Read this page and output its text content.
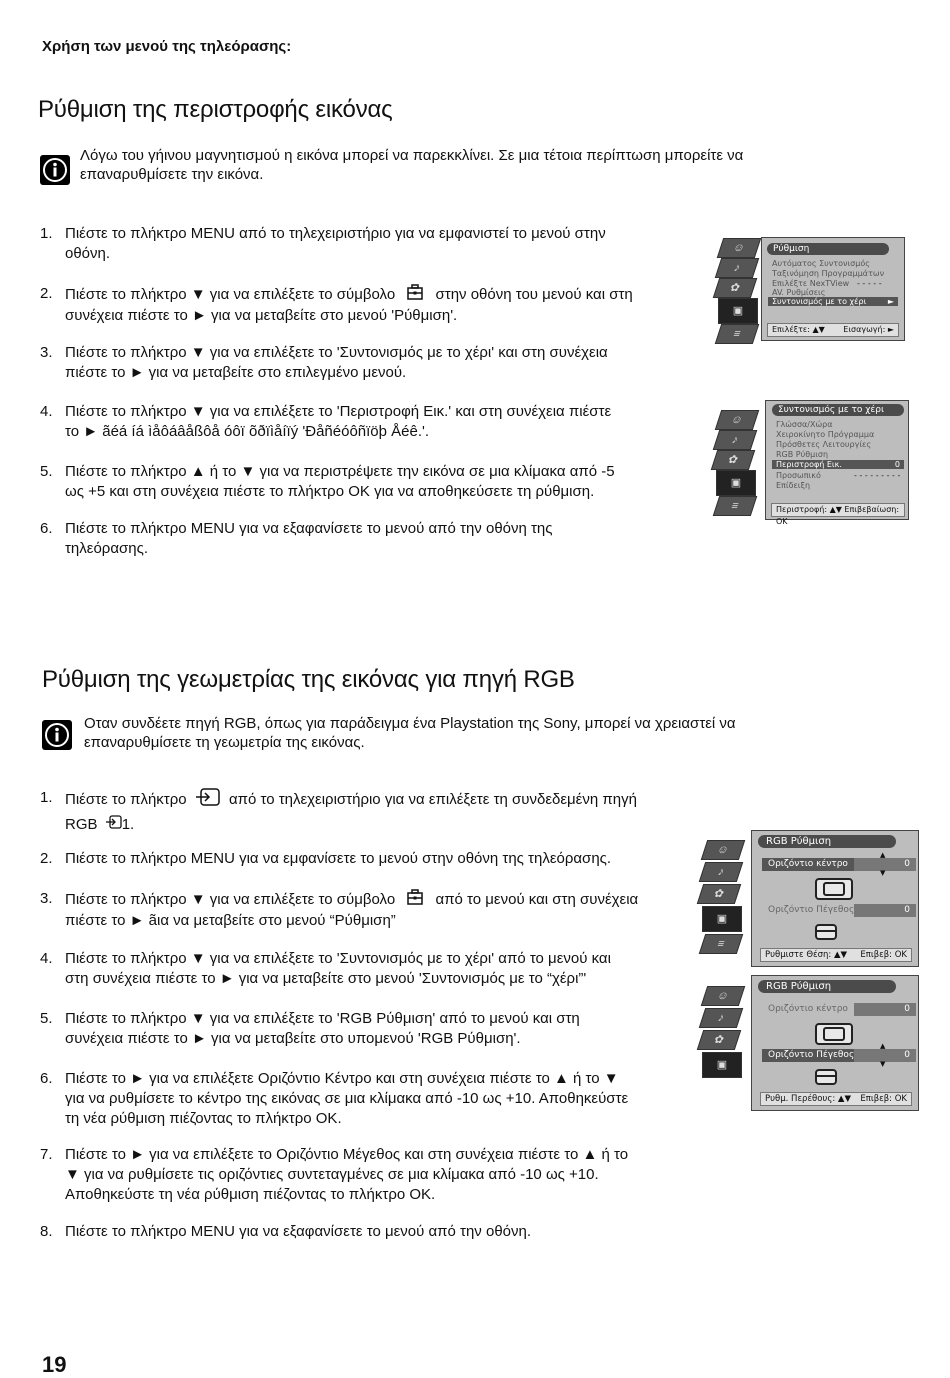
Χρήση των μενού της τηλεόρασης:
Ρύθμιση της περιστροφής εικόνας
Λόγω του γήινου μαγνητισμού η εικόνα μπορεί να παρεκκλίνει. Σε μια τέτοια περίπτωση μπορείτε να
επαναρυθμίσετε την εικόνα.
1. Πιέστε το πλήκτρο MENU από το τηλεχειριστήριο για να εμφανιστεί το μενού στην
οθόνη.
2. Πιέστε το πλήκτρο ▼ για να επιλέξετε το σύμβολο	στην οθόνη του μενού και στη
συνέχεια πιέστε το ► για να μεταβείτε στο μενού 'Ρύθμιση'.
3. Πιέστε το πλήκτρο ▼ για να επιλέξετε το 'Συντονισμός με το χέρι' και στη συνέχεια
πιέστε το ► για να μεταβείτε στο επιλεγμένο μενού.
4. Πιέστε το πλήκτρο ▼ για να επιλέξετε το 'Περιστροφή Εικ.' και στη συνέχεια πιέστε
το ► ãéá íá ìåôáâåßôå óôï õðïìåíïý 'Ðåñéóôñïöþ Åéê.'.
5. Πιέστε το πλήκτρο ▲ ή το ▼ για να περιστρέψετε την εικόνα σε μια κλίμακα από -5
ως +5 και στη συνέχεια πιέστε το πλήκτρο OK για να αποθηκεύσετε τη ρύθμιση.
6. Πιέστε το πλήκτρο MENU για να εξαφανίσετε το μενού από την οθόνη της
τηλεόρασης.
☺
♪
✿
▣
≡
Ρύθμιση
Αυτόματος Συντονισμός
Ταξινόμηση Προγραμμάτων
Επιλέξτε NexTView - - - - -
AV. Ρυθμίσεις
Συντονισμός με το χέρι	►
Επιλέξτε: ▲▼ Εισαγωγή: ►
☺
♪
✿
▣
≡
Συντονισμός με το χέρι
Γλώσσα/Χώρα
Χειροκίνητο Πρόγραμμα
Πρόσθετες Λειτουργίες
RGB Ρύθμιση
Περιστροφή Εικ.	0
Προσωπικό	- - - - - - - - -
Επίδειξη
Περιστροφή: ▲▼ Επιβεβαίωση: OK
Ρύθμιση της γεωμετρίας της εικόνας για πηγή RGB
Οταν συνδέετε πηγή RGB, όπως για παράδειγμα ένα Playstation της Sony, μπορεί να χρειαστεί να
επαναρυθμίσετε τη γεωμετρία της εικόνας.
1. Πιέστε το πλήκτρο	από το τηλεχειριστήριο για να επιλέξετε τη συνδεδεμένη πηγή
RGB 1.
2. Πιέστε το πλήκτρο MENU για να εμφανίσετε το μενού στην οθόνη της τηλεόρασης.
3. Πιέστε το πλήκτρο ▼ για να επιλέξετε το σύμβολο	από το μενού και στη συνέχεια
πιέστε το ► ãια να μεταβείτε στο μενού “Ρύθμιση”
4. Πιέστε το πλήκτρο ▼ για να επιλέξετε το 'Συντονισμός με το χέρι' από το μενού και
στη συνέχεια πιέστε το ► για να μεταβείτε στο μενού 'Συντονισμός με το “χέρι”'
5. Πιέστε το πλήκτρο ▼ για να επιλέξετε το 'RGB Ρύθμιση' από το μενού και στη
συνέχεια πιέστε το ► για να μεταβείτε στο υπομενού 'RGB Ρύθμιση'.
6. Πιέστε το ► για να επιλέξετε Οριζόντιο Κέντρο και στη συνέχεια πιέστε το ▲ ή το ▼
για να ρυθμίσετε το κέντρο της εικόνας σε μια κλίμακα από -10 ως +10. Αποθηκεύστε
τη νέα ρύθμιση πιέζοντας το πλήκτρο OK.
7. Πιέστε το ► για να επιλέξετε το Οριζόντιο Μέγεθος και στη συνέχεια πιέστε το ▲ ή το
▼ για να ρυθμίσετε τις οριζόντιες συντεταγμένες σε μια κλίμακα από -10 ως +10.
Αποθηκεύστε τη νέα ρύθμιση πιέζοντας το πλήκτρο OK.
8. Πιέστε το πλήκτρο MENU για να εξαφανίσετε το μενού από την οθόνη.
☺
♪
✿
▣
≡
RGB Ρύθμιση
Οριζόντιο κέντρο	0
▲

▼
Οριζόντιο Πέγεθος	0
Ρυθμιστε Θέση: ▲▼ Επιβεβ: OK
☺
♪
✿
▣
RGB Ρύθμιση
Οριζόντιο κέντρο	0
Οριζόντιο Πέγεθος	0
▲

▼
Ρυθμ. Περέθους: ▲▼ Επιβεβ: OK
19
